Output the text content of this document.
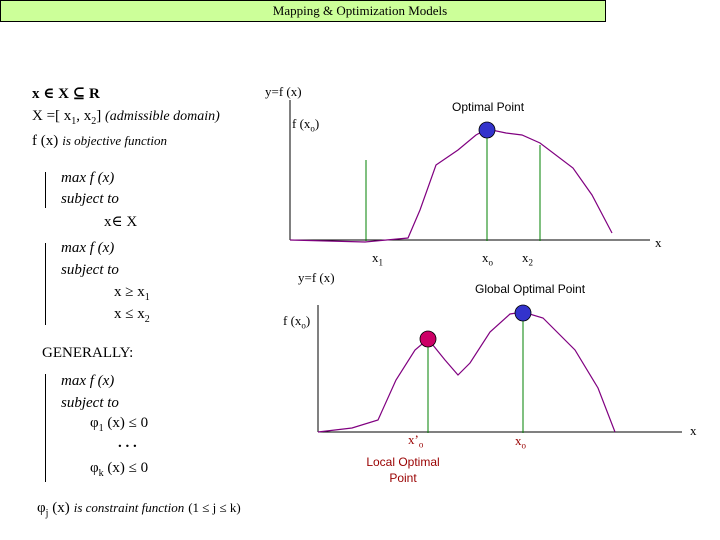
Mapping & Optimization Models
x ∈ X ⊆ R
X =[ $x_1$, $x_2$] (admissible domain)
f (x) is objective function
max f (x)
subject to
x∈ X
max f (x)
subject to
$x \ge x_1$
$x \le x_2$
GENERALLY:
max f (x)
subject to
$\varphi_1$ (x) ≤ 0
. . .
$\varphi_k$ (x) ≤ 0
$\varphi_j$ (x) is constraint function (1 ≤ j ≤ k)
y=f (x)
f $(x_o)$
Optimal Point
$x_1$	$x_o$ $x_2$
x
y=f (x)
f $(x_o)$
Global Optimal Point
$x’_o$
Local Optimal
Point
$x_o$
x
